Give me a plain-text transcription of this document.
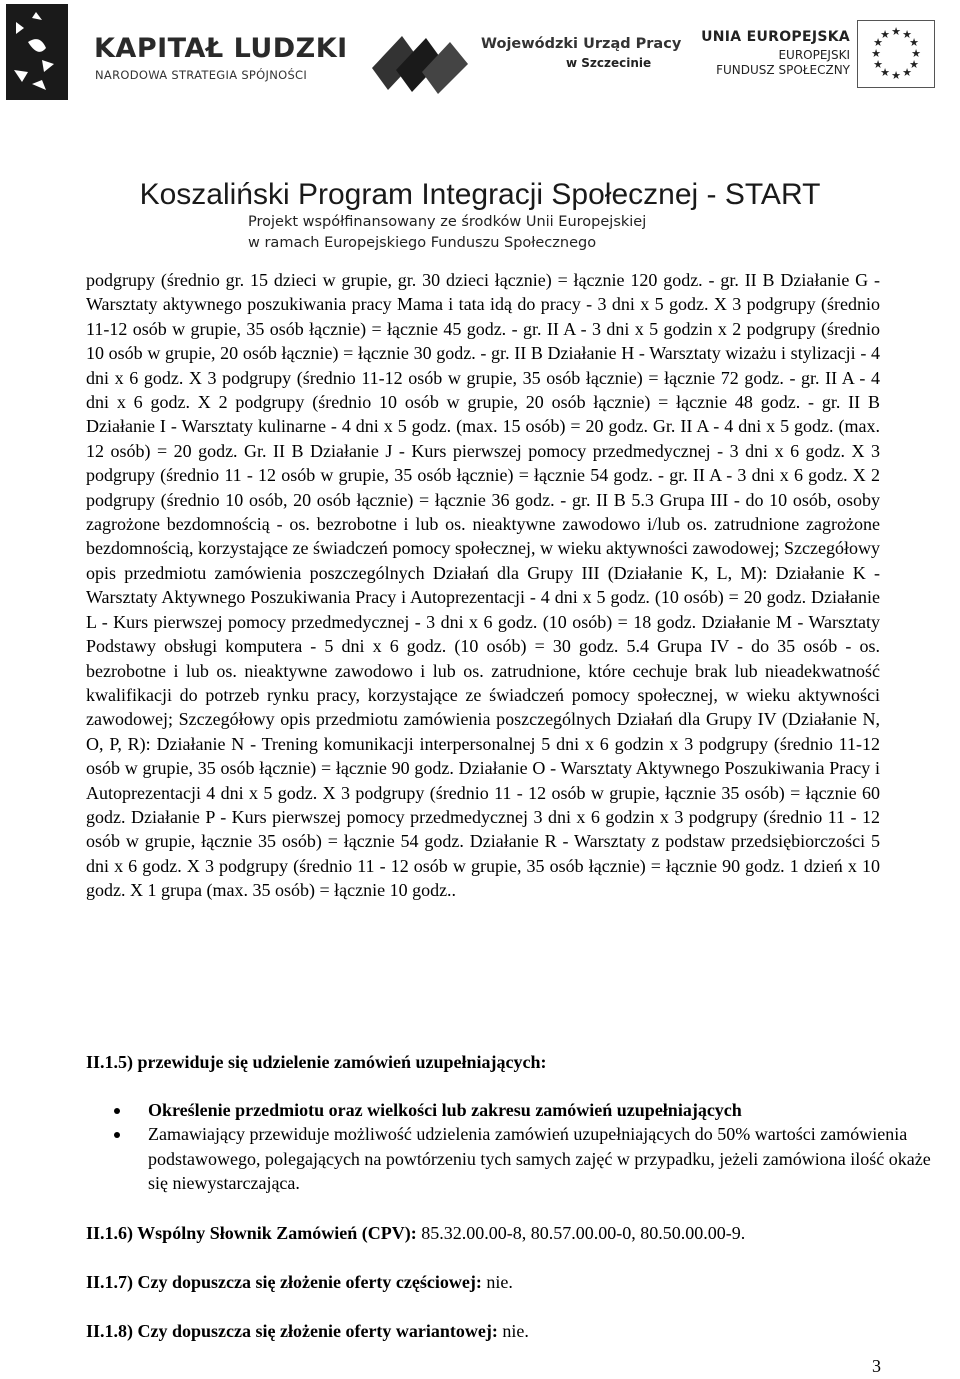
KAPITAŁ LUDZKI
NARODOWA STRATEGIA SPÓJNOŚCI
Wojewódzki Urząd Pracy
w Szczecinie
UNIA EUROPEJSKA
EUROPEJSKI
FUNDUSZ SPOŁECZNY
★ ★
★
★
★
★
★
★
★
★
★
★
Koszaliński Program Integracji Społecznej - START
Projekt współfinansowany ze środków Unii Europejskiej
w ramach Europejskiego Funduszu Społecznego
podgrupy (średnio gr. 15 dzieci w grupie, gr. 30 dzieci łącznie) = łącznie 120 godz. - gr. II B Działanie G - Warsztaty aktywnego poszukiwania pracy Mama i tata idą do pracy - 3 dni x 5 godz. X 3 podgrupy (średnio 11-12 osób w grupie, 35 osób łącznie) = łącznie 45 godz. - gr. II A - 3 dni x 5 godzin x 2 podgrupy (średnio 10 osób w grupie, 20 osób łącznie) = łącznie 30 godz. - gr. II B Działanie H - Warsztaty wizażu i stylizacji - 4 dni x 6 godz. X 3 podgrupy (średnio 11-12 osób w grupie, 35 osób łącznie) = łącznie 72 godz. - gr. II A - 4 dni x 6 godz. X 2 podgrupy (średnio 10 osób w grupie, 20 osób łącznie) = łącznie 48 godz. - gr. II B Działanie I - Warsztaty kulinarne - 4 dni x 5 godz. (max. 15 osób) = 20 godz. Gr. II A - 4 dni x 5 godz. (max. 12 osób) = 20 godz. Gr. II B Działanie J - Kurs pierwszej pomocy przedmedycznej - 3 dni x 6 godz. X 3 podgrupy (średnio 11 - 12 osób w grupie, 35 osób łącznie) = łącznie 54 godz. - gr. II A - 3 dni x 6 godz. X 2 podgrupy (średnio 10 osób, 20 osób łącznie) = łącznie 36 godz. - gr. II B 5.3 Grupa III - do 10 osób, osoby zagrożone bezdomnością - os. bezrobotne i lub os. nieaktywne zawodowo i/lub os. zatrudnione zagrożone bezdomnością, korzystające ze świadczeń pomocy społecznej, w wieku aktywności zawodowej; Szczegółowy opis przedmiotu zamówienia poszczególnych Działań dla Grupy III (Działanie K, L, M): Działanie K - Warsztaty Aktywnego Poszukiwania Pracy i Autoprezentacji - 4 dni x 5 godz. (10 osób) = 20 godz. Działanie L - Kurs pierwszej pomocy przedmedycznej - 3 dni x 6 godz. (10 osób) = 18 godz. Działanie M - Warsztaty Podstawy obsługi komputera - 5 dni x 6 godz. (10 osób) = 30 godz. 5.4 Grupa IV - do 35 osób - os. bezrobotne i lub os. nieaktywne zawodowo i lub os. zatrudnione, które cechuje brak lub nieadekwatność kwalifikacji do potrzeb rynku pracy, korzystające ze świadczeń pomocy społecznej, w wieku aktywności zawodowej; Szczegółowy opis przedmiotu zamówienia poszczególnych Działań dla Grupy IV (Działanie N, O, P, R): Działanie N - Trening komunikacji interpersonalnej 5 dni x 6 godzin x 3 podgrupy (średnio 11-12 osób w grupie, 35 osób łącznie) = łącznie 90 godz. Działanie O - Warsztaty Aktywnego Poszukiwania Pracy i Autoprezentacji 4 dni x 5 godz. X 3 podgrupy (średnio 11 - 12 osób w grupie, łącznie 35 osób) = łącznie 60 godz. Działanie P - Kurs pierwszej pomocy przedmedycznej 3 dni x 6 godzin x 3 podgrupy (średnio 11 - 12 osób w grupie, łącznie 35 osób) = łącznie 54 godz. Działanie R - Warsztaty z podstaw przedsiębiorczości 5 dni x 6 godz. X 3 podgrupy (średnio 11 - 12 osób w grupie, 35 osób łącznie) = łącznie 90 godz. 1 dzień x 10 godz. X 1 grupa (max. 35 osób) = łącznie 10 godz..
II.1.5) przewiduje się udzielenie zamówień uzupełniających:
Określenie przedmiotu oraz wielkości lub zakresu zamówień uzupełniających
Zamawiający przewiduje możliwość udzielenia zamówień uzupełniających do 50% wartości zamówienia podstawowego, polegających na powtórzeniu tych samych zajęć w przypadku, jeżeli zamówiona ilość okaże się niewystarczająca.
II.1.6) Wspólny Słownik Zamówień (CPV): 85.32.00.00-8, 80.57.00.00-0, 80.50.00.00-9.
II.1.7) Czy dopuszcza się złożenie oferty częściowej: nie.
II.1.8) Czy dopuszcza się złożenie oferty wariantowej: nie.
3
